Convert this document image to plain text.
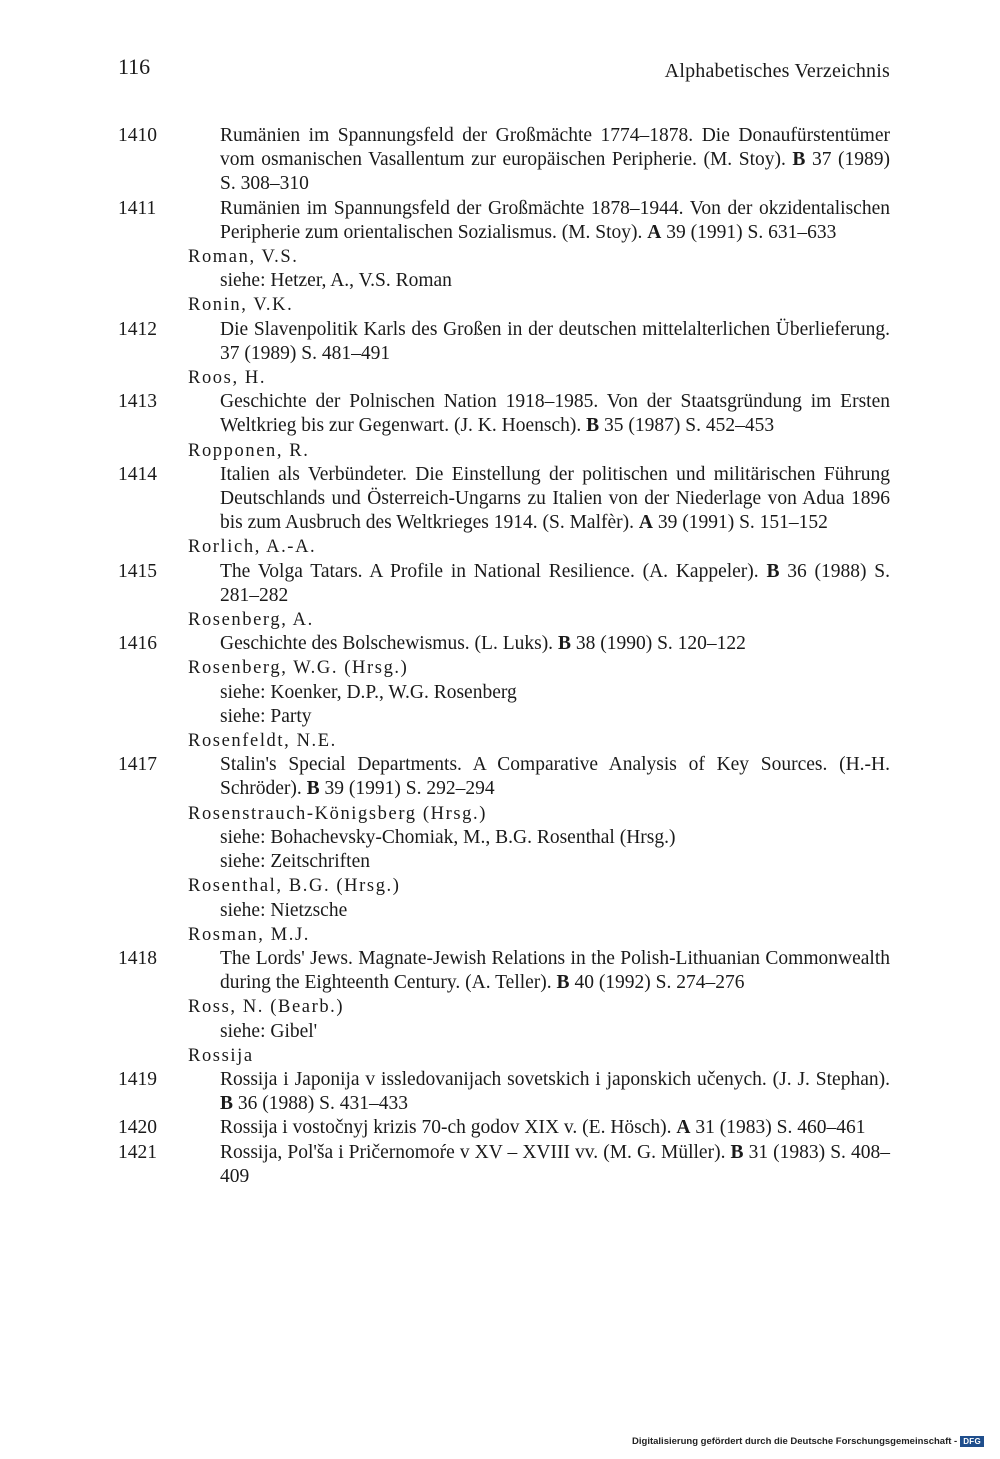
116	Alphabetisches Verzeichnis
1410	Rumänien im Spannungsfeld der Großmächte 1774–1878. Die Donaufürstentümer vom osmanischen Vasallentum zur europäischen Peripherie. (M. Stoy). B 37 (1989) S. 308–310
1411	Rumänien im Spannungsfeld der Großmächte 1878–1944. Von der okzidentalischen Peripherie zum orientalischen Sozialismus. (M. Stoy). A 39 (1991) S. 631–633
Roman, V.S.
siehe: Hetzer, A., V.S. Roman
Ronin, V.K.
1412	Die Slavenpolitik Karls des Großen in der deutschen mittelalterlichen Überlieferung. 37 (1989) S. 481–491
Roos, H.
1413	Geschichte der Polnischen Nation 1918–1985. Von der Staatsgründung im Ersten Weltkrieg bis zur Gegenwart. (J. K. Hoensch). B 35 (1987) S. 452–453
Ropponen, R.
1414	Italien als Verbündeter. Die Einstellung der politischen und militärischen Führung Deutschlands und Österreich-Ungarns zu Italien von der Niederlage von Adua 1896 bis zum Ausbruch des Weltkrieges 1914. (S. Malfèr). A 39 (1991) S. 151–152
Rorlich, A.-A.
1415	The Volga Tatars. A Profile in National Resilience. (A. Kappeler). B 36 (1988) S. 281–282
Rosenberg, A.
1416	Geschichte des Bolschewismus. (L. Luks). B 38 (1990) S. 120–122
Rosenberg, W.G. (Hrsg.)
siehe: Koenker, D.P., W.G. Rosenberg
siehe: Party
Rosenfeldt, N.E.
1417	Stalin's Special Departments. A Comparative Analysis of Key Sources. (H.-H. Schröder). B 39 (1991) S. 292–294
Rosenstrauch-Königsberg (Hrsg.)
siehe: Bohachevsky-Chomiak, M., B.G. Rosenthal (Hrsg.)
siehe: Zeitschriften
Rosenthal, B.G. (Hrsg.)
siehe: Nietzsche
Rosman, M.J.
1418	The Lords' Jews. Magnate-Jewish Relations in the Polish-Lithuanian Commonwealth during the Eighteenth Century. (A. Teller). B 40 (1992) S. 274–276
Ross, N. (Bearb.)
siehe: Gibel'
Rossija
1419	Rossija i Japonija v issledovanijach sovetskich i japonskich učenych. (J. J. Stephan). B 36 (1988) S. 431–433
1420	Rossija i vostočnyj krizis 70-ch godov XIX v. (E. Hösch). A 31 (1983) S. 460–461
1421	Rossija, Pol'ša i Pričernomoŕe v XV – XVIII vv. (M. G. Müller). B 31 (1983) S. 408–409
Digitalisierung gefördert durch die Deutsche Forschungsgemeinschaft - DFG
